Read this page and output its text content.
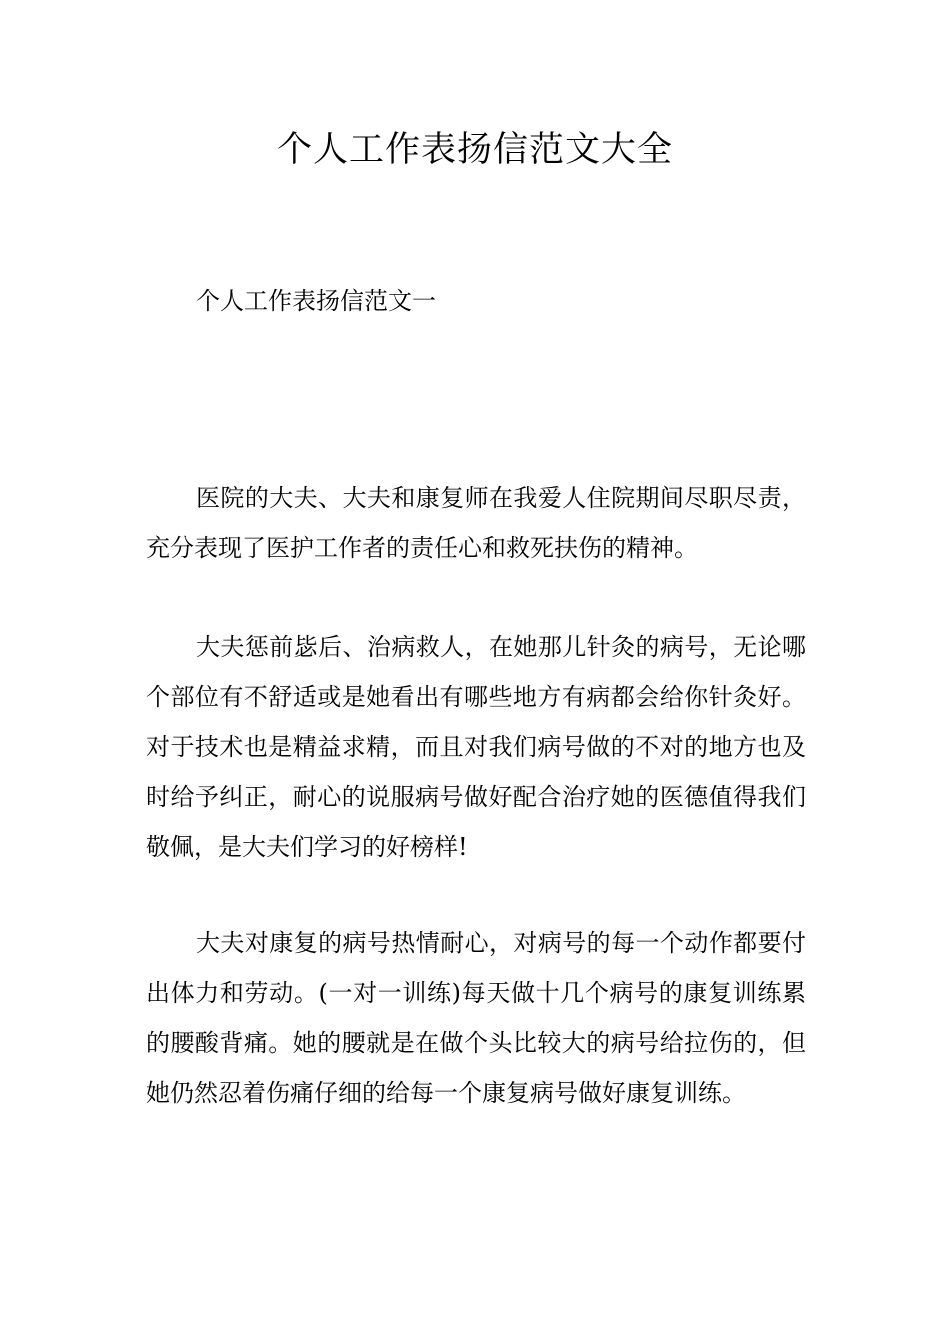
个人工作表扬信范文大全
个人工作表扬信范文一

医院的大夫、大夫和康复师在我爱人住院期间尽职尽责，充分表现了医护工作者的责任心和救死扶伤的精神。

大夫惩前毖后、治病救人，在她那儿针灸的病号，无论哪个部位有不舒适或是她看出有哪些地方有病都会给你针灸好。对于技术也是精益求精，而且对我们病号做的不对的地方也及时给予纠正，耐心的说服病号做好配合治疗她的医德值得我们敬佩，是大夫们学习的好榜样!

大夫对康复的病号热情耐心，对病号的每一个动作都要付出体力和劳动。(一对一训练)每天做十几个病号的康复训练累的腰酸背痛。她的腰就是在做个头比较大的病号给拉伤的，但她仍然忍着伤痛仔细的给每一个康复病号做好康复训练。
